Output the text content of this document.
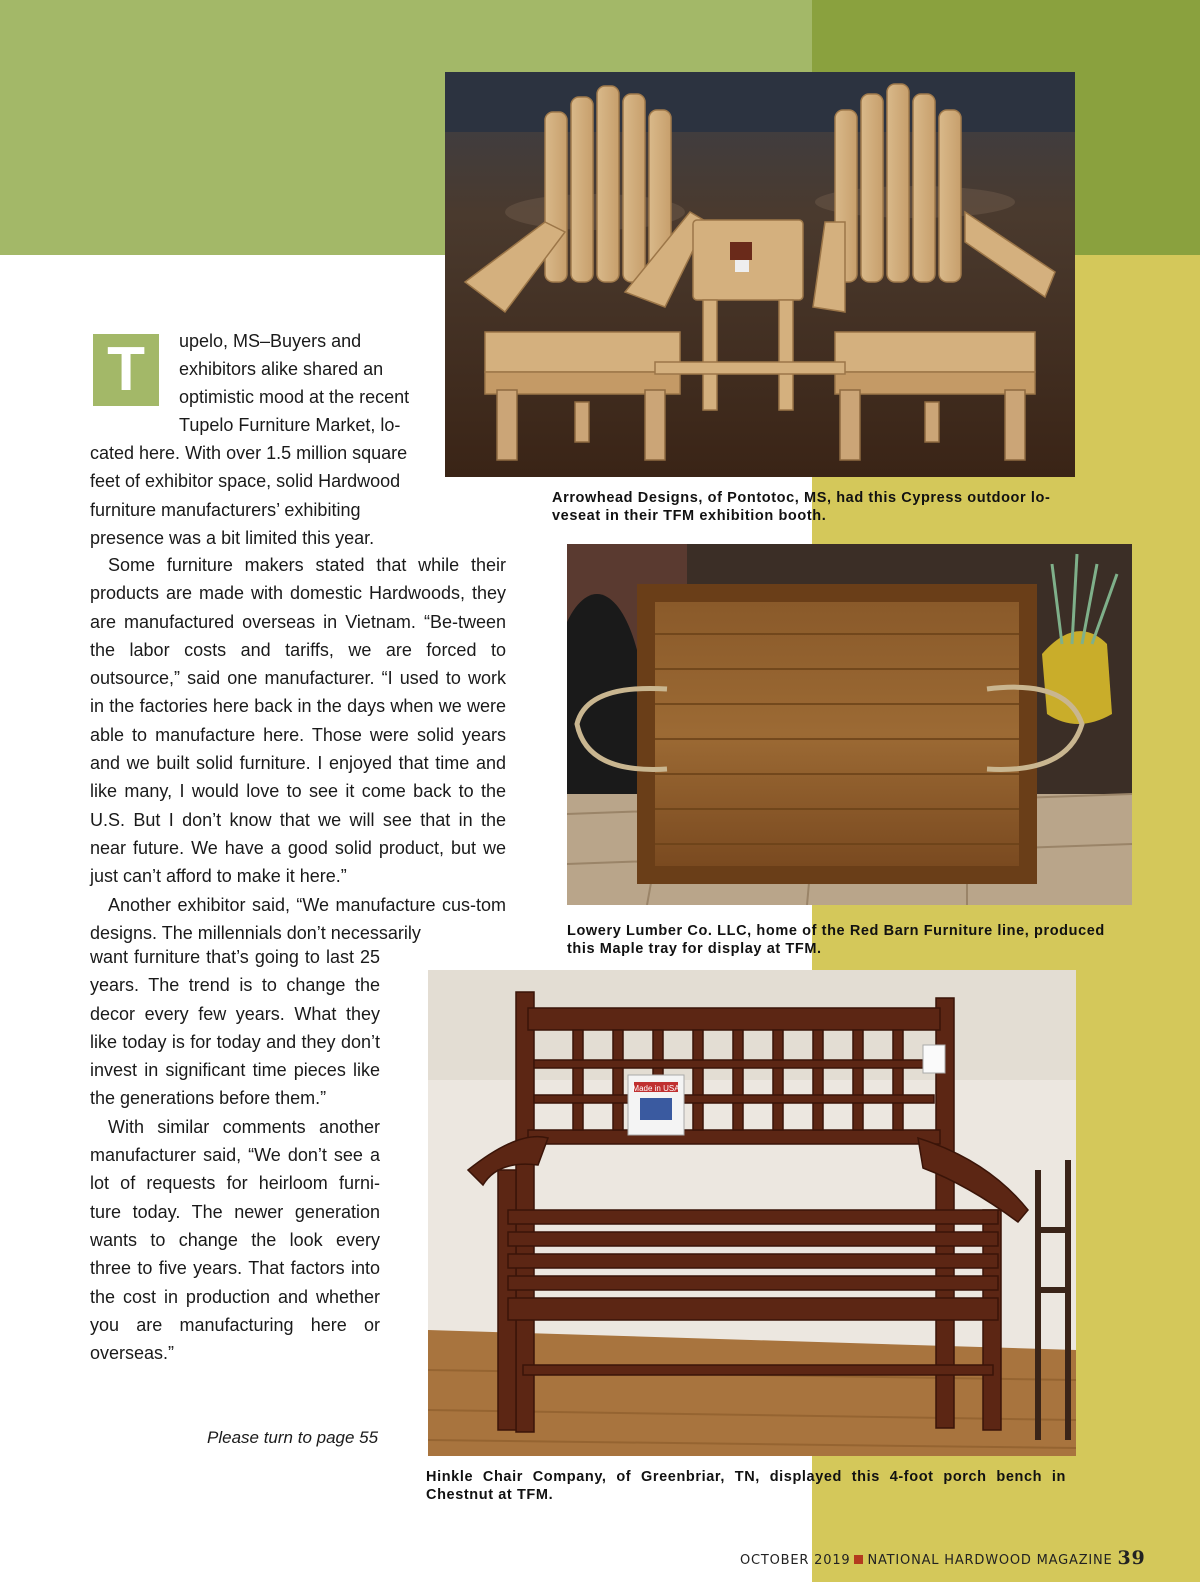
Arrowhead Designs, of Pontotoc, MS, had this Cypress outdoor lo-veseat in their TFM exhibition booth.
Lowery Lumber Co. LLC, home of the Red Barn Furniture line, produced this Maple tray for display at TFM.
Made in USA
Hinkle Chair Company, of Greenbriar, TN, displayed this 4-foot porch bench in Chestnut at TFM.
T	upelo, MS–Buyers and
exhibitors alike shared an
optimistic mood at the recent
Tupelo Furniture Market, lo-

cated here. With over 1.5 million square feet of exhibitor space, solid Hardwood furniture manufacturers’ exhibiting presence was a bit limited this year.

Some furniture makers stated that while their products are made with domestic Hardwoods, they are manufactured overseas in Vietnam. “Be-tween the labor costs and tariffs, we are forced to outsource,” said one manufacturer. “I used to work in the factories here back in the days when we were able to manufacture here. Those were solid years and we built solid furniture. I enjoyed that time and like many, I would love to see it come back to the U.S. But I don’t know that we will see that in the near future. We have a good solid product, but we just can’t afford to make it here.”

Another exhibitor said, “We manufacture cus-tom designs. The millennials don’t necessarily

want furniture that’s going to last 25 years. The trend is to change the decor every few years. What they like today is for today and they don’t invest in significant time pieces like the generations before them.”

With similar comments another manufacturer said, “We don’t see a lot of requests for heirloom furni-ture today. The newer generation wants to change the look every three to five years. That factors into the cost in production and whether you are manufacturing here or overseas.”

Please turn to page 55
OCTOBER 2019 NATIONAL HARDWOOD MAGAZINE 39
